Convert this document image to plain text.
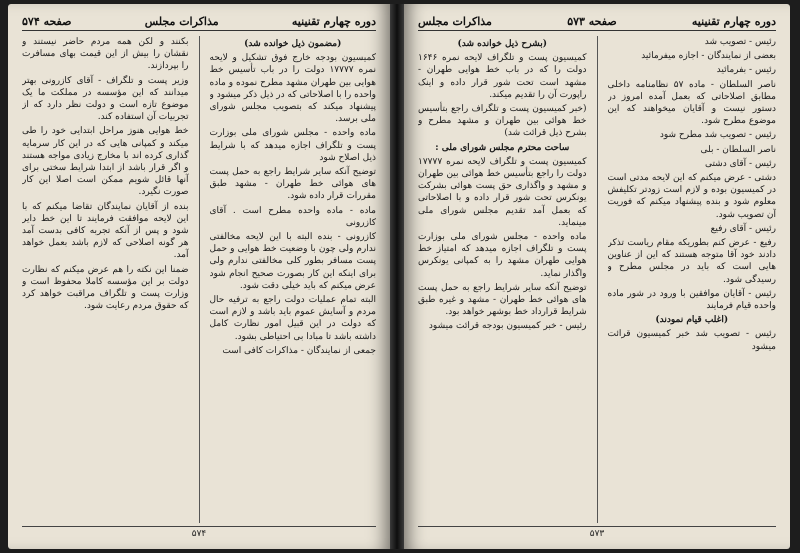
دوره چهارم تقنینیه
مذاکرات مجلس
صفحه ۵۷۴
(مضمون ذیل خوانده شد)

کمیسیون بودجه خارج فوق تشکیل و لایحه نمره ۱۷۷۷۷ دولت را در باب تأسیس خط هوایی بین طهران مشهد مطرح نموده و ماده واحده را با اصلاحاتی که در ذیل ذکر میشود و پیشنهاد میکند که بتصویب مجلس شورای ملی برسد.

ماده واحده - مجلس شورای ملی بوزارت پست و تلگراف اجازه میدهد که با شرایط ذیل اصلاح شود

توضیح آنکه سایر شرایط راجع به حمل پست های هوائی خط طهران - مشهد طبق مقررات قرار داده شود.

ماده - ماده واحده مطرح است . آقای کازرونی

کازرونی - بنده البته با این لایحه مخالفتی ندارم ولی چون با وضعیت خط هوایی و حمل پست مسافر بطور کلی مخالفتی ندارم ولی برای اینکه این کار بصورت صحیح انجام شود عرض میکنم که باید خیلی دقت شود.

البته تمام عملیات دولت راجع به ترفیه حال مردم و آسایش عموم باید باشد و لازم است که دولت در این قبیل امور نظارت کامل داشته باشد تا مبادا بی احتیاطی بشود.

جمعی از نمایندگان - مذاکرات کافی است

بکنند و لکن همه مردم حاضر نیستند و نقشان را بیش از این قیمت بهای مسافرت را بپردازند.

وزیر پست و تلگراف - آقای کازرونی بهتر میدانند که این مؤسسه در مملکت ما یک موضوع تازه است و دولت نظر دارد که از تجربیات آن استفاده کند.

خط هوایی هنوز مراحل ابتدایی خود را طی میکند و کمپانی هایی که در این کار سرمایه گذاری کرده اند با مخارج زیادی مواجه هستند و اگر قرار باشد از ابتدا شرایط سختی برای آنها قائل شویم ممکن است اصلا این کار صورت نگیرد.

بنده از آقایان نمایندگان تقاضا میکنم که با این لایحه موافقت فرمایند تا این خط دایر شود و پس از آنکه تجربه کافی بدست آمد هر گونه اصلاحی که لازم باشد بعمل خواهد آمد.

ضمنا این نکته را هم عرض میکنم که نظارت دولت بر این مؤسسه کاملا محفوظ است و وزارت پست و تلگراف مراقبت خواهد کرد که حقوق مردم رعایت شود.

۵۷۴
دوره چهارم تقنینیه
صفحه ۵۷۳
مذاکرات مجلس

رئیس - تصویب شد

بعضی از نمایندگان - اجازه میفرمائید

رئیس - بفرمائید

ناصر السلطان - ماده ۵۷ نظامنامه داخلی مطابق اصلاحاتی که بعمل آمده امروز در دستور نیست و آقایان میخواهند که این موضوع مطرح شود.

رئیس - تصویب شد مطرح شود

ناصر السلطان - بلی

رئیس - آقای دشتی

دشتی - عرض میکنم که این لایحه مدتی است در کمیسیون بوده و لازم است زودتر تکلیفش معلوم شود و بنده پیشنهاد میکنم که فوریت آن تصویب شود.

رئیس - آقای رفیع

رفیع - عرض کنم بطوریکه مقام ریاست تذکر دادند خود آقا متوجه هستند که این از عناوین هایی است که باید در مجلس مطرح و رسیدگی شود.

رئیس - آقایان موافقین با ورود در شور ماده واحده قیام فرمایند

(اغلب قیام نمودند)

رئیس - تصویب شد خبر کمیسیون قرائت میشود

(بشرح ذیل خوانده شد)

کمیسیون پست و تلگراف لایحه نمره ۱۶۴۶ دولت را که در باب خط هوایی طهران - مشهد است تحت شور قرار داده و اینک راپورت آن را تقدیم میکند.

(خبر کمیسیون پست و تلگراف راجع بتأسیس خط هوائی بین طهران و مشهد مطرح و بشرح ذیل قرائت شد)

ساحت محترم مجلس شورای ملی :

کمیسیون پست و تلگراف لایحه نمره ۱۷۷۷۷ دولت را راجع بتأسیس خط هوائی بین طهران و مشهد و واگذاری حق پست هوائی بشرکت یونکرس تحت شور قرار داده و با اصلاحاتی که بعمل آمد تقدیم مجلس شورای ملی مینماید.

ماده واحده - مجلس شورای ملی بوزارت پست و تلگراف اجازه میدهد که امتیاز خط هوایی طهران مشهد را به کمپانی یونکرس واگذار نماید.

توضیح آنکه سایر شرایط راجع به حمل پست های هوائی خط طهران - مشهد و غیره طبق شرایط قرارداد خط بوشهر خواهد بود.

رئیس - خبر کمیسیون بودجه قرائت میشود

۵۷۳
